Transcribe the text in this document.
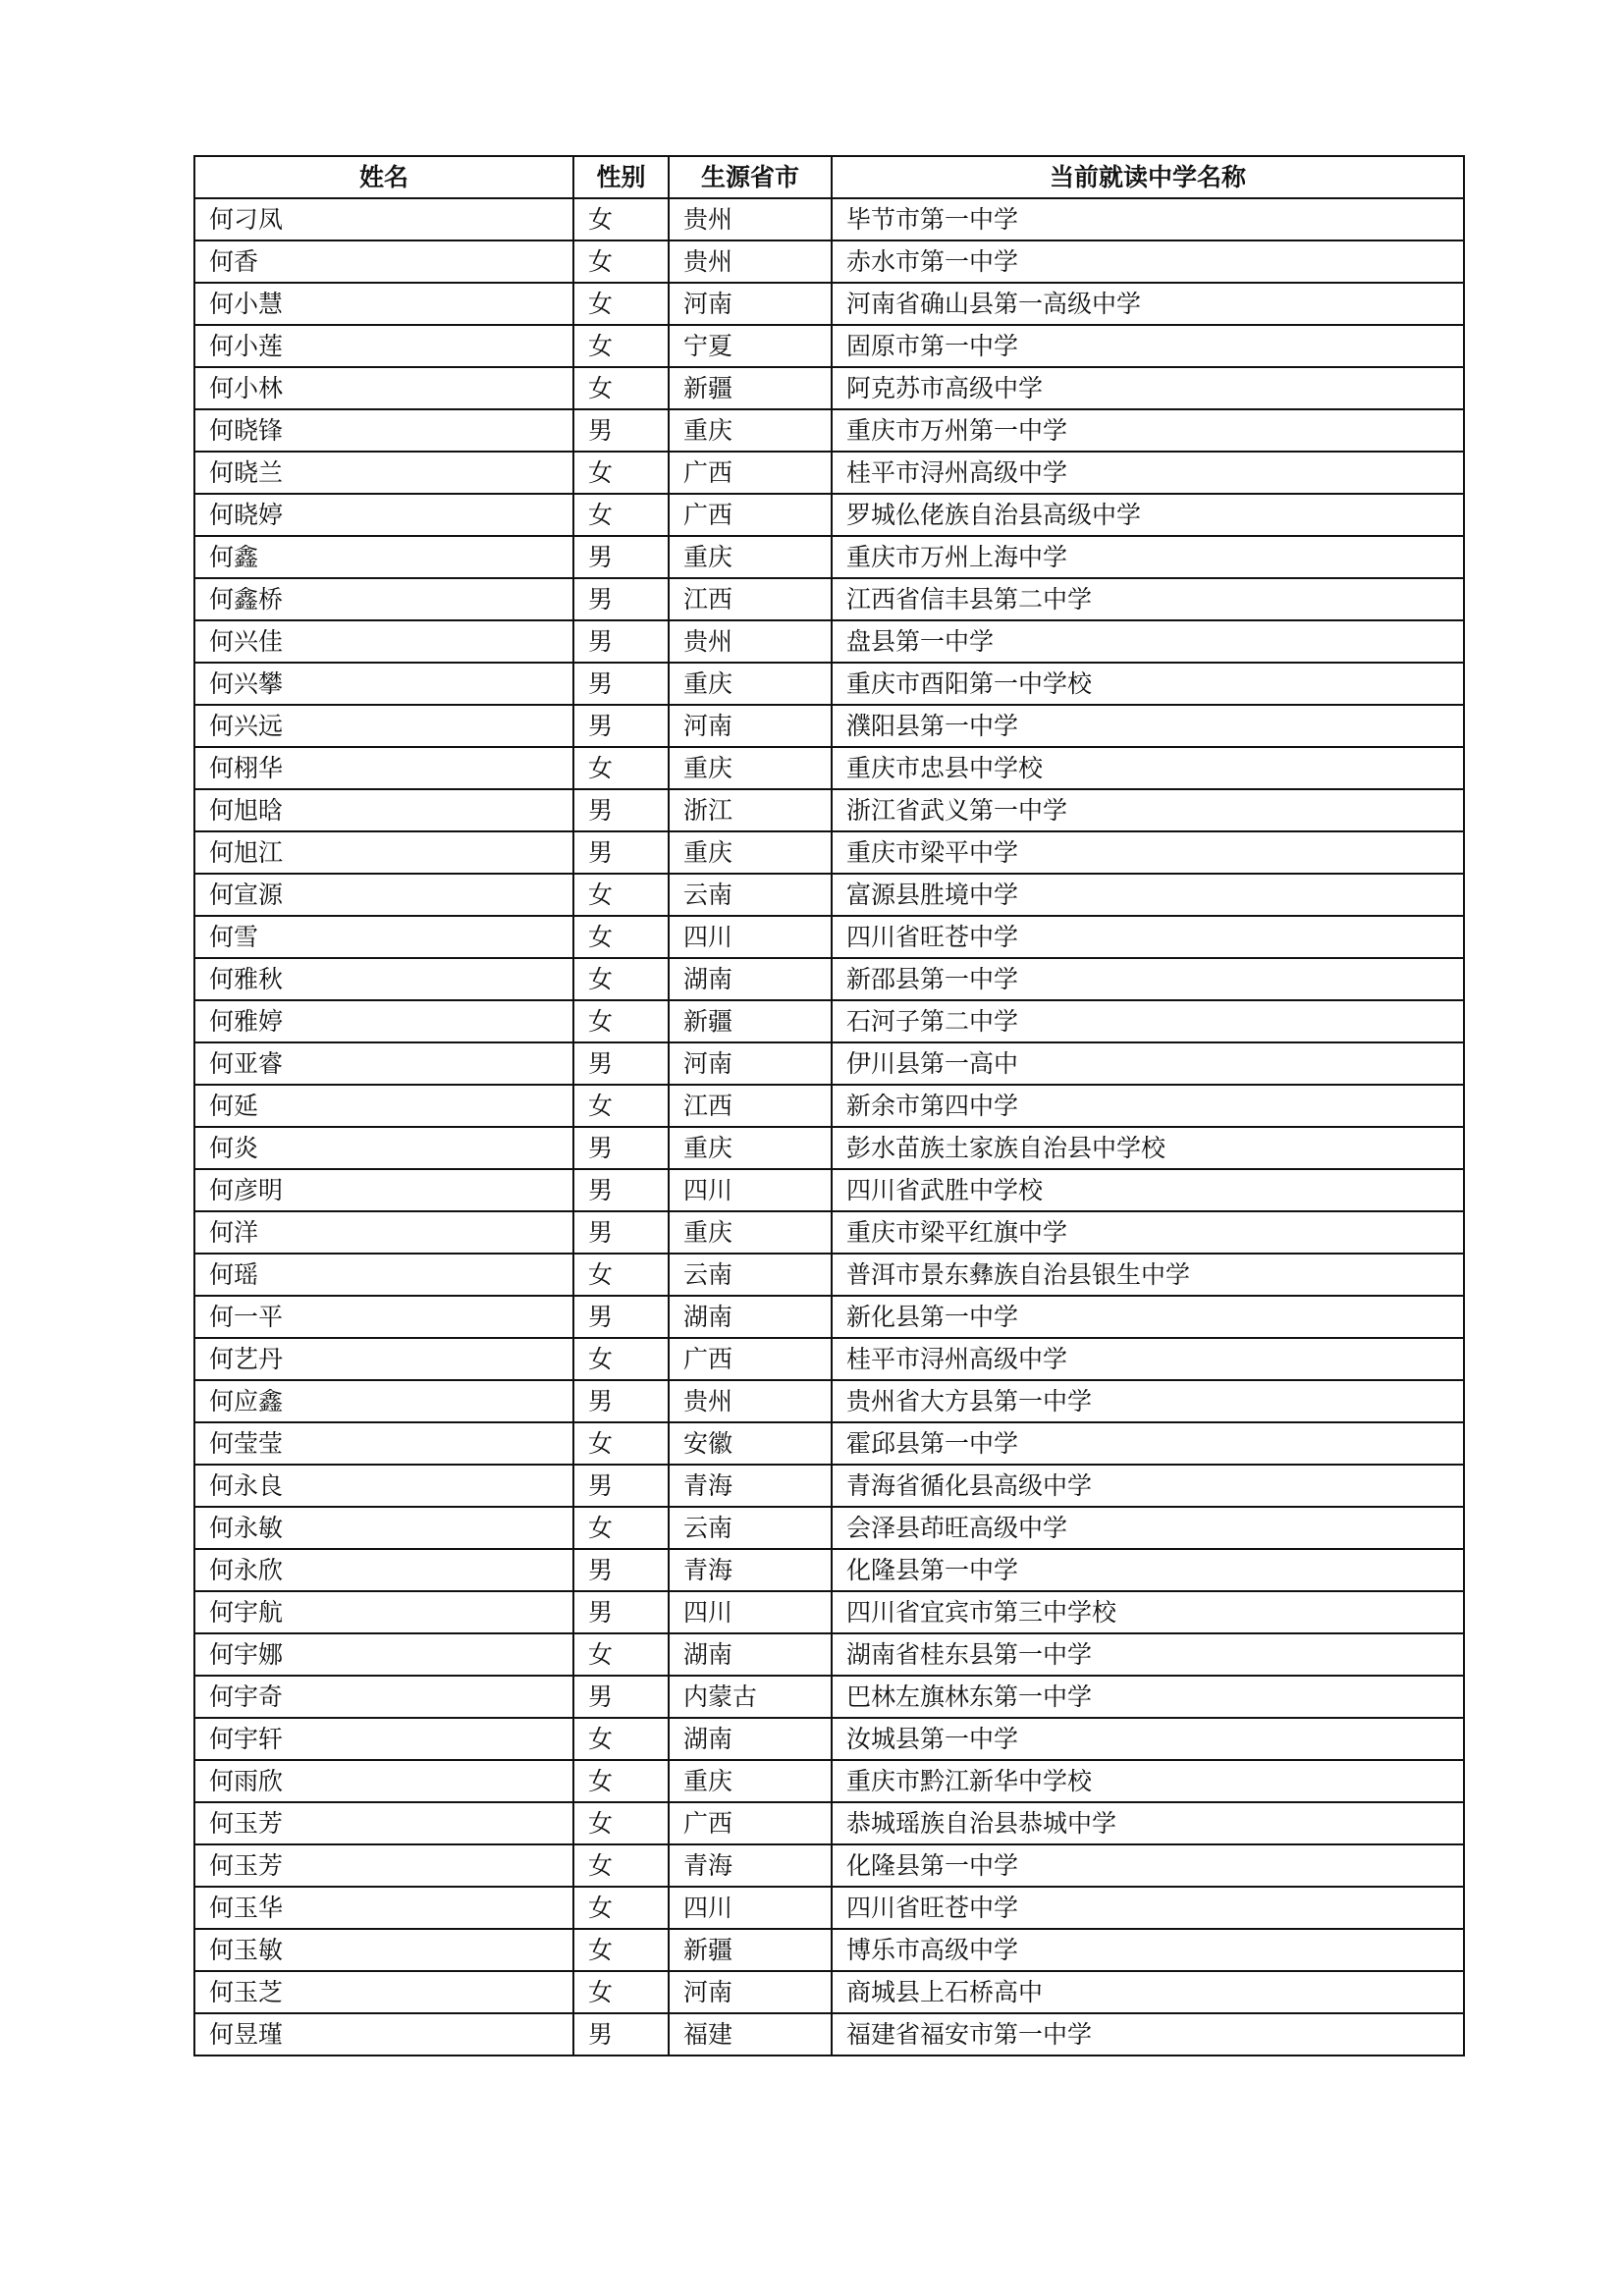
姓名	性别	生源省市	当前就读中学名称
何刁凤	女	贵州	毕节市第一中学
何香	女	贵州	赤水市第一中学
何小慧	女	河南	河南省确山县第一高级中学
何小莲	女	宁夏	固原市第一中学
何小林	女	新疆	阿克苏市高级中学
何晓锋	男	重庆	重庆市万州第一中学
何晓兰	女	广西	桂平市浔州高级中学
何晓婷	女	广西	罗城仫佬族自治县高级中学
何鑫	男	重庆	重庆市万州上海中学
何鑫桥	男	江西	江西省信丰县第二中学
何兴佳	男	贵州	盘县第一中学
何兴攀	男	重庆	重庆市酉阳第一中学校
何兴远	男	河南	濮阳县第一中学
何栩华	女	重庆	重庆市忠县中学校
何旭晗	男	浙江	浙江省武义第一中学
何旭江	男	重庆	重庆市梁平中学
何宣源	女	云南	富源县胜境中学
何雪	女	四川	四川省旺苍中学
何雅秋	女	湖南	新邵县第一中学
何雅婷	女	新疆	石河子第二中学
何亚睿	男	河南	伊川县第一高中
何延	女	江西	新余市第四中学
何炎	男	重庆	彭水苗族土家族自治县中学校
何彦明	男	四川	四川省武胜中学校
何洋	男	重庆	重庆市梁平红旗中学
何瑶	女	云南	普洱市景东彝族自治县银生中学
何一平	男	湖南	新化县第一中学
何艺丹	女	广西	桂平市浔州高级中学
何应鑫	男	贵州	贵州省大方县第一中学
何莹莹	女	安徽	霍邱县第一中学
何永良	男	青海	青海省循化县高级中学
何永敏	女	云南	会泽县茚旺高级中学
何永欣	男	青海	化隆县第一中学
何宇航	男	四川	四川省宜宾市第三中学校
何宇娜	女	湖南	湖南省桂东县第一中学
何宇奇	男	内蒙古	巴林左旗林东第一中学
何宇轩	女	湖南	汝城县第一中学
何雨欣	女	重庆	重庆市黔江新华中学校
何玉芳	女	广西	恭城瑶族自治县恭城中学
何玉芳	女	青海	化隆县第一中学
何玉华	女	四川	四川省旺苍中学
何玉敏	女	新疆	博乐市高级中学
何玉芝	女	河南	商城县上石桥高中
何昱瑾	男	福建	福建省福安市第一中学
